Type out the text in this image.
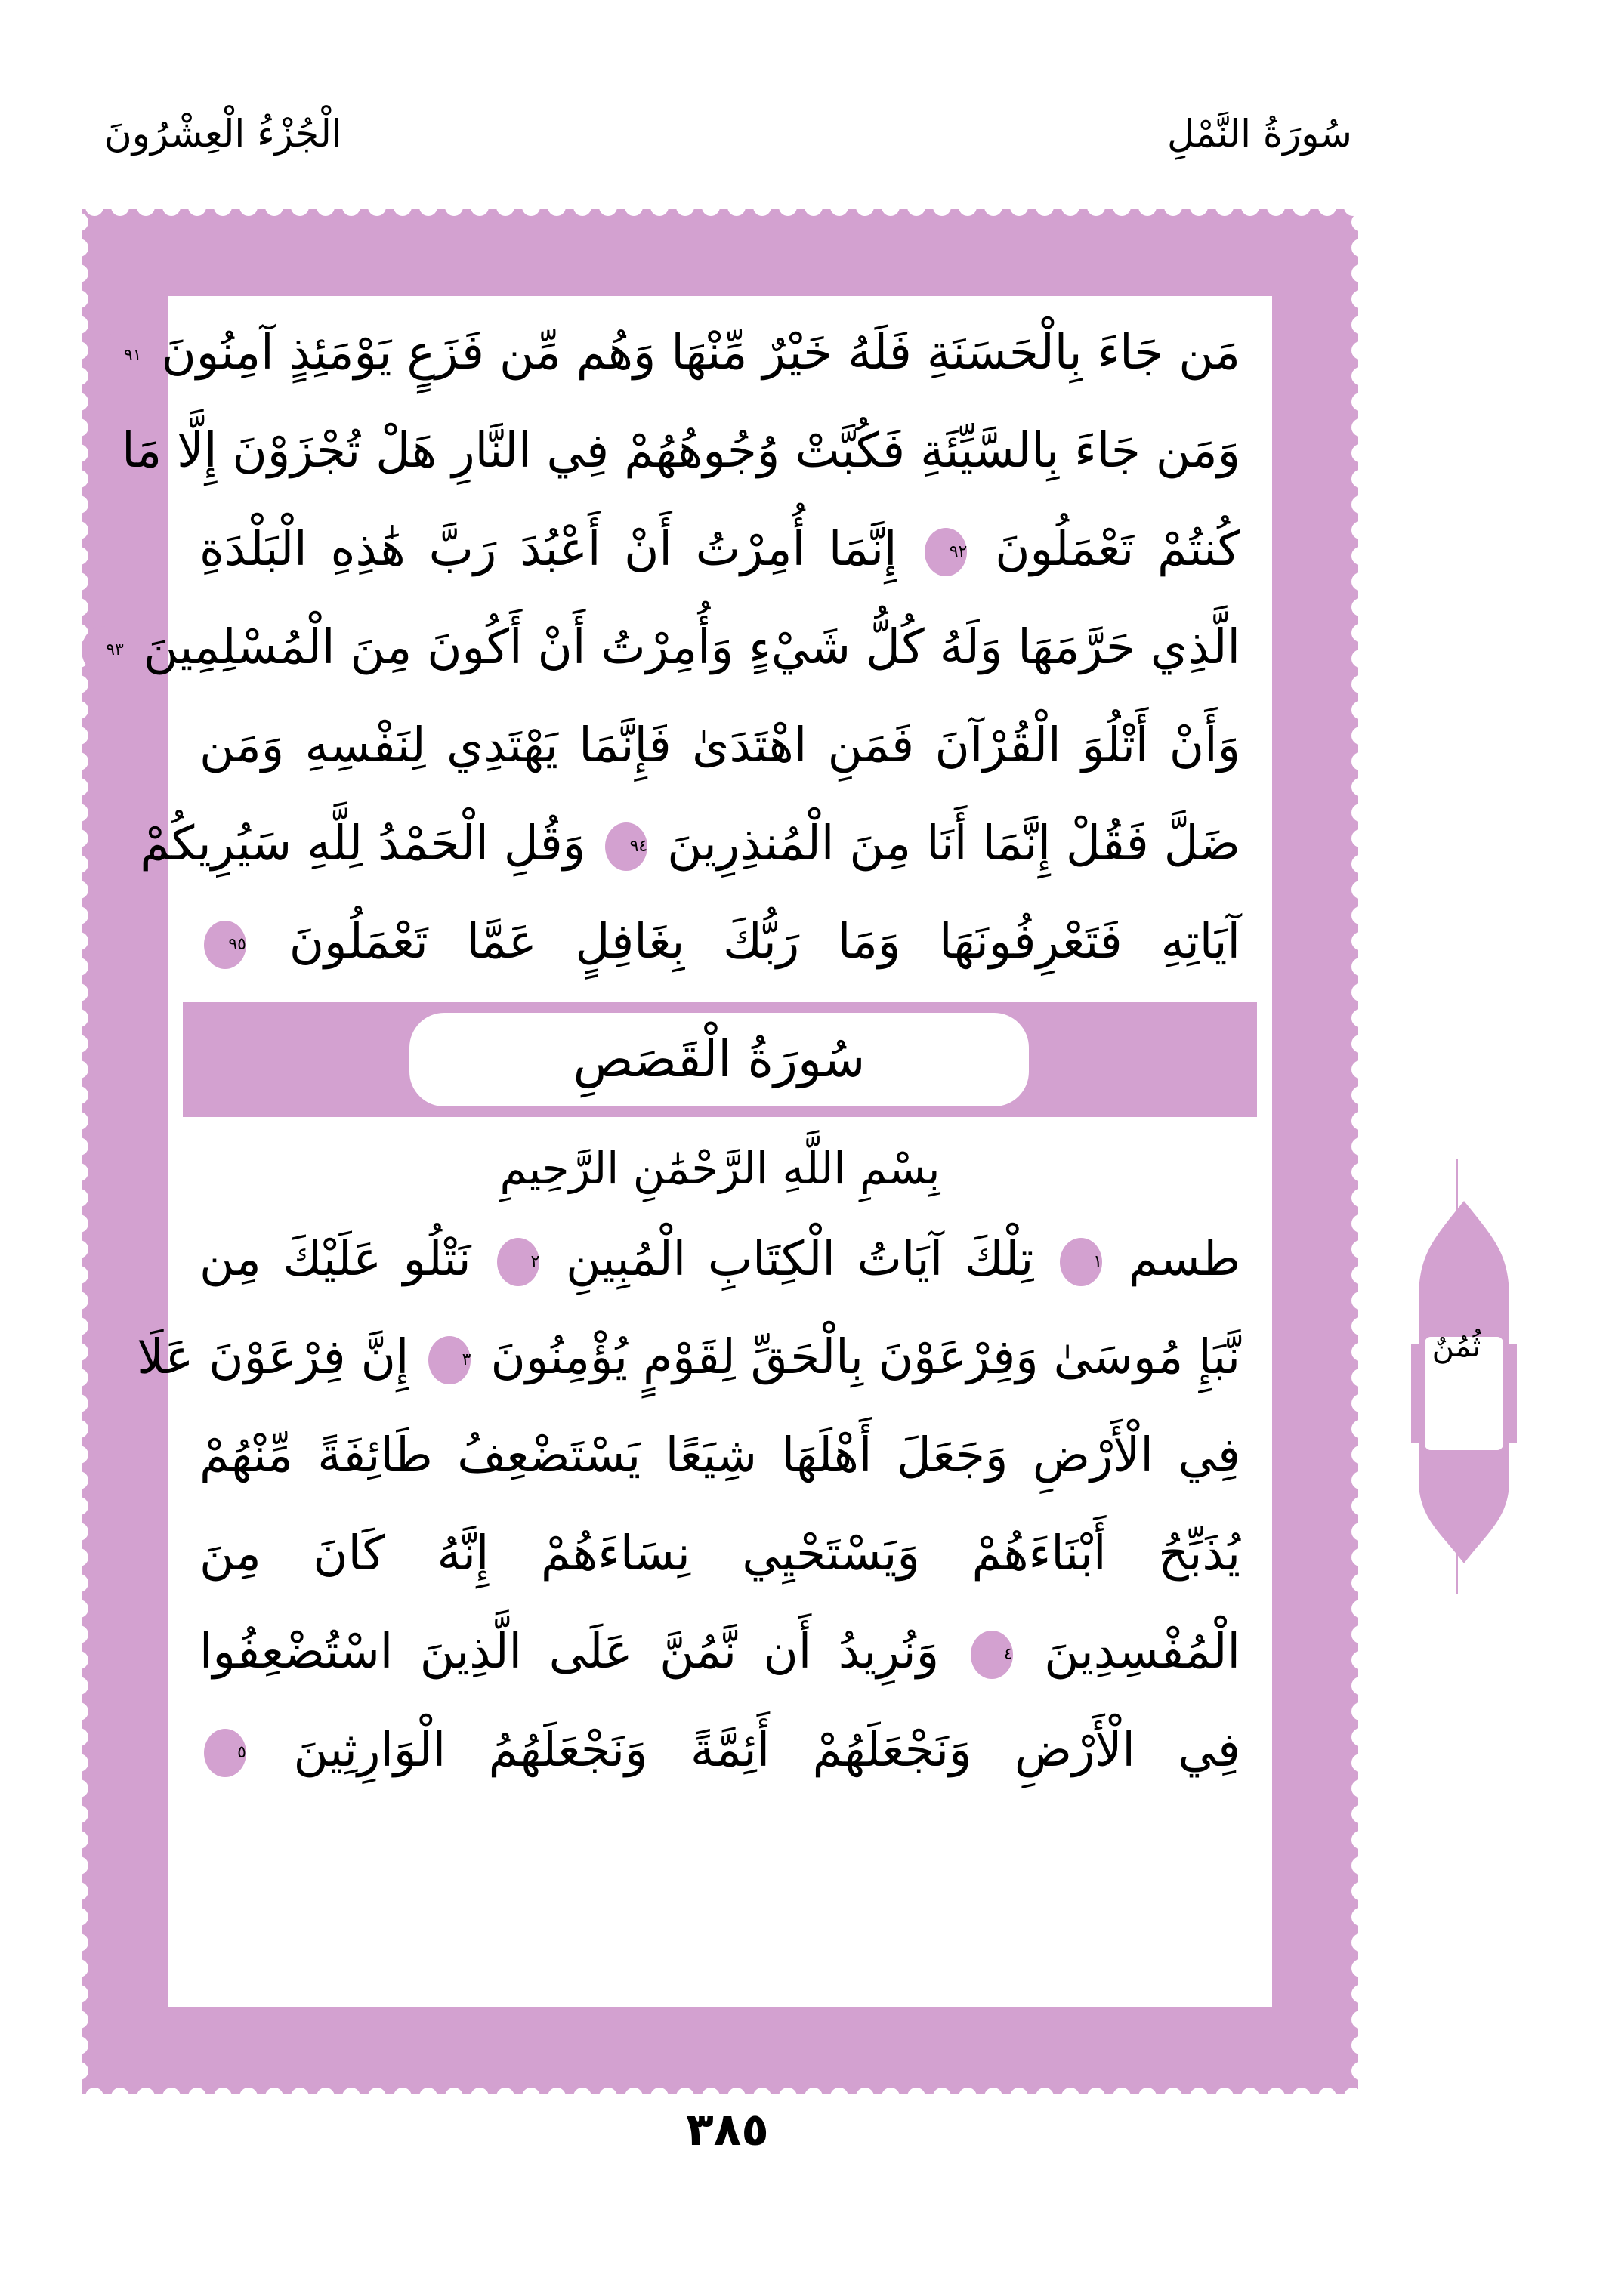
الْجُزْءُ الْعِشْرُونَ	سُورَةُ النَّمْلِ
مَن جَاءَ بِالْحَسَنَةِ فَلَهُ خَيْرٌ مِّنْهَا وَهُم مِّن فَزَعٍ يَوْمَئِذٍ آمِنُونَ ٩١
وَمَن جَاءَ بِالسَّيِّئَةِ فَكُبَّتْ وُجُوهُهُمْ فِي النَّارِ هَلْ تُجْزَوْنَ إِلَّا مَا
كُنتُمْ تَعْمَلُونَ ٩٢ إِنَّمَا أُمِرْتُ أَنْ أَعْبُدَ رَبَّ هَٰذِهِ الْبَلْدَةِ
الَّذِي حَرَّمَهَا وَلَهُ كُلُّ شَيْءٍ وَأُمِرْتُ أَنْ أَكُونَ مِنَ الْمُسْلِمِينَ ٩٣
وَأَنْ أَتْلُوَ الْقُرْآنَ فَمَنِ اهْتَدَىٰ فَإِنَّمَا يَهْتَدِي لِنَفْسِهِ وَمَن
ضَلَّ فَقُلْ إِنَّمَا أَنَا مِنَ الْمُنذِرِينَ ٩٤ وَقُلِ الْحَمْدُ لِلَّهِ سَيُرِيكُمْ
آيَاتِهِ فَتَعْرِفُونَهَا وَمَا رَبُّكَ بِغَافِلٍ عَمَّا تَعْمَلُونَ ٩٥
سُورَةُ الْقَصَصِ
بِسْمِ اللَّهِ الرَّحْمَٰنِ الرَّحِيمِ
طسم ١ تِلْكَ آيَاتُ الْكِتَابِ الْمُبِينِ ٢ نَتْلُو عَلَيْكَ مِن
نَّبَإِ مُوسَىٰ وَفِرْعَوْنَ بِالْحَقِّ لِقَوْمٍ يُؤْمِنُونَ ٣ إِنَّ فِرْعَوْنَ عَلَا
فِي الْأَرْضِ وَجَعَلَ أَهْلَهَا شِيَعًا يَسْتَضْعِفُ طَائِفَةً مِّنْهُمْ
يُذَبِّحُ أَبْنَاءَهُمْ وَيَسْتَحْيِي نِسَاءَهُمْ إِنَّهُ كَانَ مِنَ
الْمُفْسِدِينَ ٤ وَنُرِيدُ أَن نَّمُنَّ عَلَى الَّذِينَ اسْتُضْعِفُوا
فِي الْأَرْضِ وَنَجْعَلَهُمْ أَئِمَّةً وَنَجْعَلَهُمُ الْوَارِثِينَ ٥
ثُمُنٌ
٣٨٥
